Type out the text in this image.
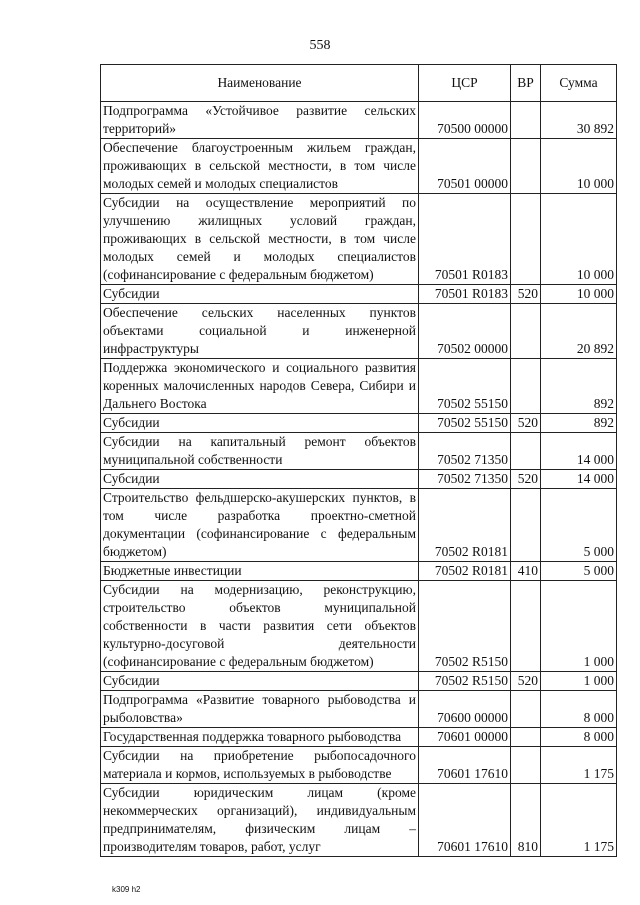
558
Наименование	ЦСР	ВР	Сумма
Подпрограмма «Устойчивое развитие сельских территорий»	70500 00000		30 892
Обеспечение благоустроенным жильем граждан, проживающих в сельской местности, в том числе молодых семей и молодых специалистов	70501 00000		10 000
Субсидии на осуществление мероприятий по улучшению жилищных условий граждан, проживающих в сельской местности, в том числе молодых семей и молодых специалистов (софинансирование с федеральным бюджетом)	70501 R0183		10 000
Субсидии	70501 R0183	520	10 000
Обеспечение сельских населенных пунктов объектами социальной и инженерной инфраструктуры	70502 00000		20 892
Поддержка экономического и социального развития коренных малочисленных народов Севера, Сибири и Дальнего Востока	70502 55150		892
Субсидии	70502 55150	520	892
Субсидии на капитальный ремонт объектов муниципальной собственности	70502 71350		14 000
Субсидии	70502 71350	520	14 000
Строительство фельдшерско-акушерских пунктов, в том числе разработка проектно-сметной документации (софинансирование с федеральным бюджетом)	70502 R0181		5 000
Бюджетные инвестиции	70502 R0181	410	5 000
Субсидии на модернизацию, реконструкцию, строительство объектов муниципальной собственности в части развития сети объектов культурно-досуговой деятельности (софинансирование с федеральным бюджетом)	70502 R5150		1 000
Субсидии	70502 R5150	520	1 000
Подпрограмма «Развитие товарного рыбоводства и рыболовства»	70600 00000		8 000
Государственная поддержка товарного рыбоводства	70601 00000		8 000
Субсидии на приобретение рыбопосадочного материала и кормов, используемых в рыбоводстве	70601 17610		1 175
Субсидии юридическим лицам (кроме некоммерческих организаций), индивидуальным предпринимателям, физическим лицам – производителям товаров, работ, услуг	70601 17610	810	1 175
k309 h2
